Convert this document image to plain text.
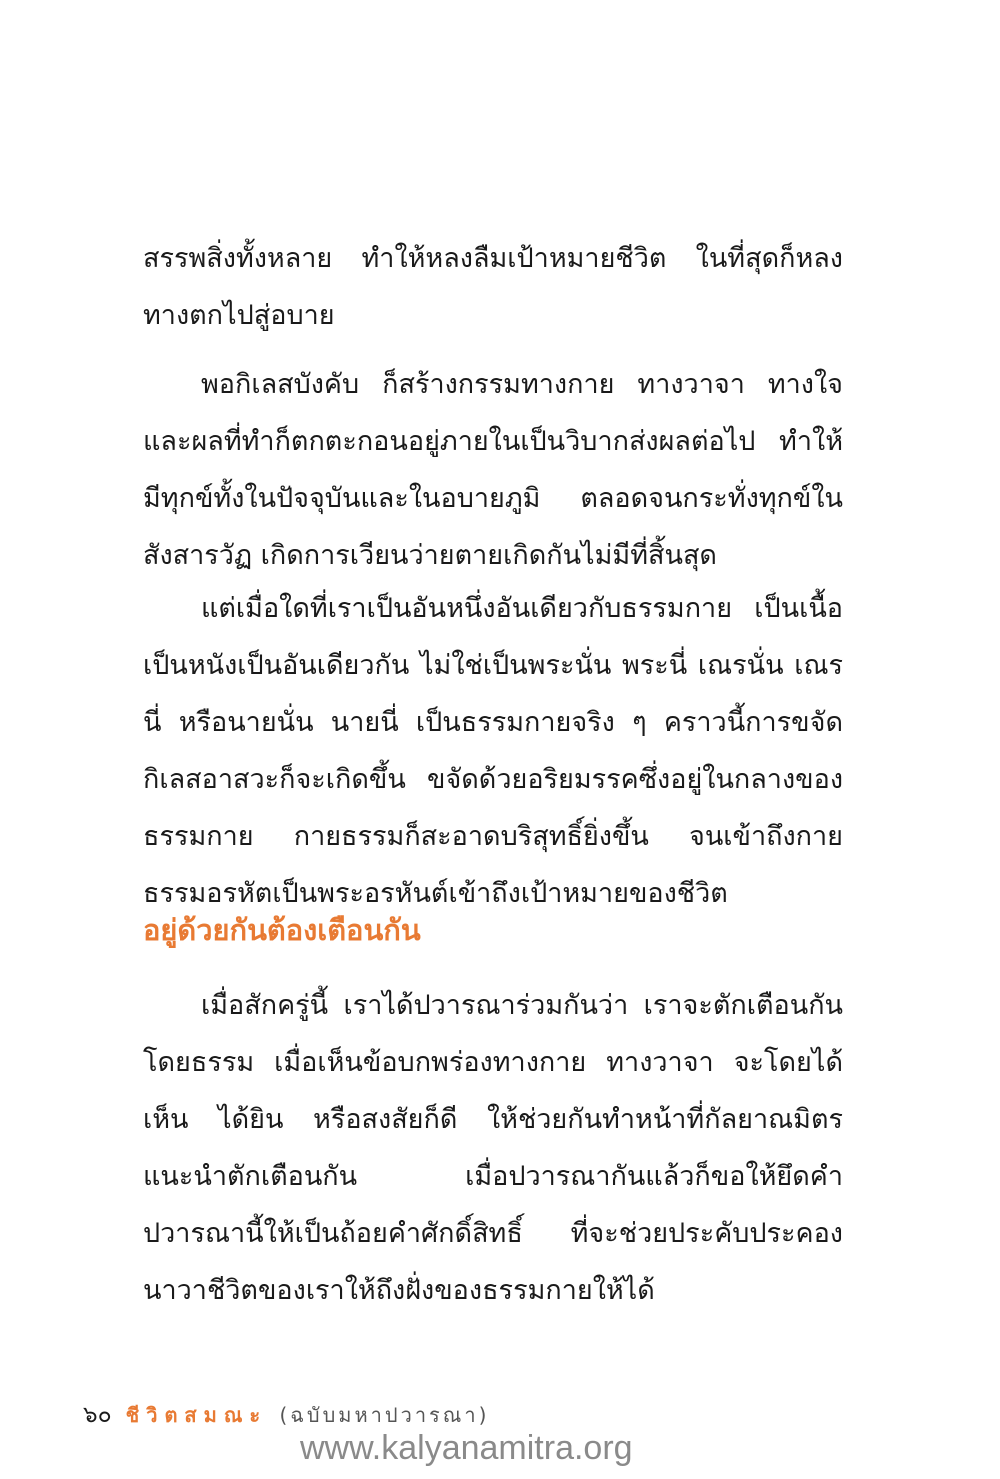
สรรพสิ่งทั้งหลาย ทำให้หลงลืมเป้าหมายชีวิต ในที่สุดก็หลงทางตกไปสู่อบาย

พอกิเลสบังคับ ก็สร้างกรรมทางกาย ทางวาจา ทางใจ และผลที่ทำก็ตกตะกอนอยู่ภายในเป็นวิบากส่งผลต่อไป ทำให้มีทุกข์ทั้งในปัจจุบันและในอบายภูมิ ตลอดจนกระทั่งทุกข์ในสังสารวัฏ เกิดการเวียนว่ายตายเกิดกันไม่มีที่สิ้นสุด

แต่เมื่อใดที่เราเป็นอันหนึ่งอันเดียวกับธรรมกาย เป็นเนื้อเป็นหนังเป็นอันเดียวกัน ไม่ใช่เป็นพระนั่น พระนี่ เณรนั่น เณรนี่ หรือนายนั่น นายนี่ เป็นธรรมกายจริง ๆ คราวนี้การขจัดกิเลสอาสวะก็จะเกิดขึ้น ขจัดด้วยอริยมรรคซึ่งอยู่ในกลางของธรรมกาย กายธรรมก็สะอาดบริสุทธิ์ยิ่งขึ้น จนเข้าถึงกายธรรมอรหัตเป็นพระอรหันต์เข้าถึงเป้าหมายของชีวิต

อยู่ด้วยกันต้องเตือนกัน

เมื่อสักครู่นี้ เราได้ปวารณาร่วมกันว่า เราจะตักเตือนกันโดยธรรม เมื่อเห็นข้อบกพร่องทางกาย ทางวาจา จะโดยได้เห็น ได้ยิน หรือสงสัยก็ดี ให้ช่วยกันทำหน้าที่กัลยาณมิตรแนะนำตักเตือนกัน เมื่อปวารณากันแล้วก็ขอให้ยึดคำปวารณานี้ให้เป็นถ้อยคำศักดิ์สิทธิ์ ที่จะช่วยประคับประคองนาวาชีวิตของเราให้ถึงฝั่งของธรรมกายให้ได้

๖๐ ชีวิตสมณะ (ฉบับมหาปวารณา)
www.kalyanamitra.org
